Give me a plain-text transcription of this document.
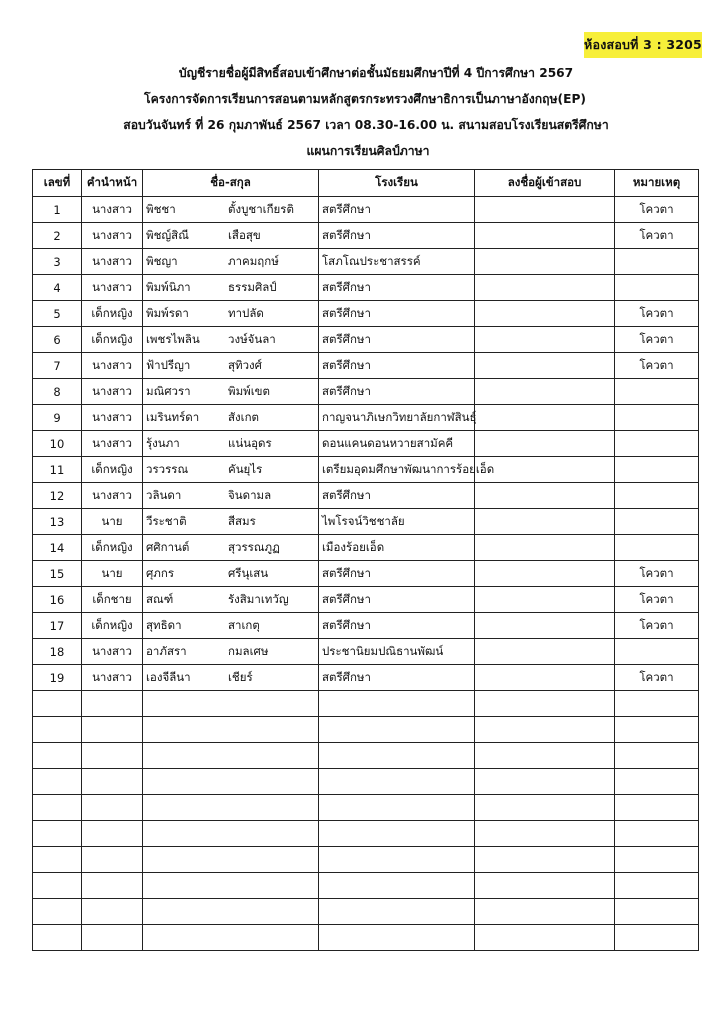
ห้องสอบที่ 3 : 3205
บัญชีรายชื่อผู้มีสิทธิ์สอบเข้าศึกษาต่อชั้นมัธยมศึกษาปีที่ 4 ปีการศึกษา 2567
โครงการจัดการเรียนการสอนตามหลักสูตรกระทรวงศึกษาธิการเป็นภาษาอังกฤษ(EP)
สอบวันจันทร์ ที่ 26 กุมภาพันธ์ 2567 เวลา 08.30-16.00 น. สนามสอบโรงเรียนสตรีศึกษา
แผนการเรียนศิลป์ภาษา
เลขที่	คำนำหน้า	ชื่อ-สกุล	โรงเรียน	ลงชื่อผู้เข้าสอบ	หมายเหตุ
1	นางสาว	พิชชา ตั้งบูชาเกียรติ	สตรีศึกษา		โควตา
2	นางสาว	พิชญ์สิณี เสือสุข	สตรีศึกษา		โควตา
3	นางสาว	พิชญา ภาคมฤกษ์	โสภโณประชาสรรค์		
4	นางสาว	พิมพ์นิภา ธรรมศิลป์	สตรีศึกษา		
5	เด็กหญิง	พิมพ์รดา ทาปลัด	สตรีศึกษา		โควตา
6	เด็กหญิง	เพชรไพลิน วงษ์จันลา	สตรีศึกษา		โควตา
7	นางสาว	ฟ้าปรีญา สุทิวงศ์	สตรีศึกษา		โควตา
8	นางสาว	มณิศวรา พิมพ์เขต	สตรีศึกษา		
9	นางสาว	เมรินทร์ดา สังเกต	กาญจนาภิเษกวิทยาลัยกาฬสินธุ์		
10	นางสาว	รุ้งนภา แน่นอุดร	ดอนแคนดอนหวายสามัคคี		
11	เด็กหญิง	วรวรรณ คันยุไร	เตรียมอุดมศึกษาพัฒนาการร้อยเอ็ด		
12	นางสาว	วลินดา จินดามล	สตรีศึกษา		
13	นาย	วีระชาติ สีสมร	ไพโรจน์วิชชาลัย		
14	เด็กหญิง	ศศิกานต์ สุวรรณภูฏ	เมืองร้อยเอ็ด		
15	นาย	ศุภกร ศรีนุเสน	สตรีศึกษา		โควตา
16	เด็กชาย	สณฑ์ รังสิมาเทวัญ	สตรีศึกษา		โควตา
17	เด็กหญิง	สุทธิดา สาเกตุ	สตรีศึกษา		โควตา
18	นางสาว	อาภัสรา กมลเศษ	ประชานิยมปณิธานพัฒน์		
19	นางสาว	เองจีลีนา เชียร์	สตรีศึกษา		โควตา
